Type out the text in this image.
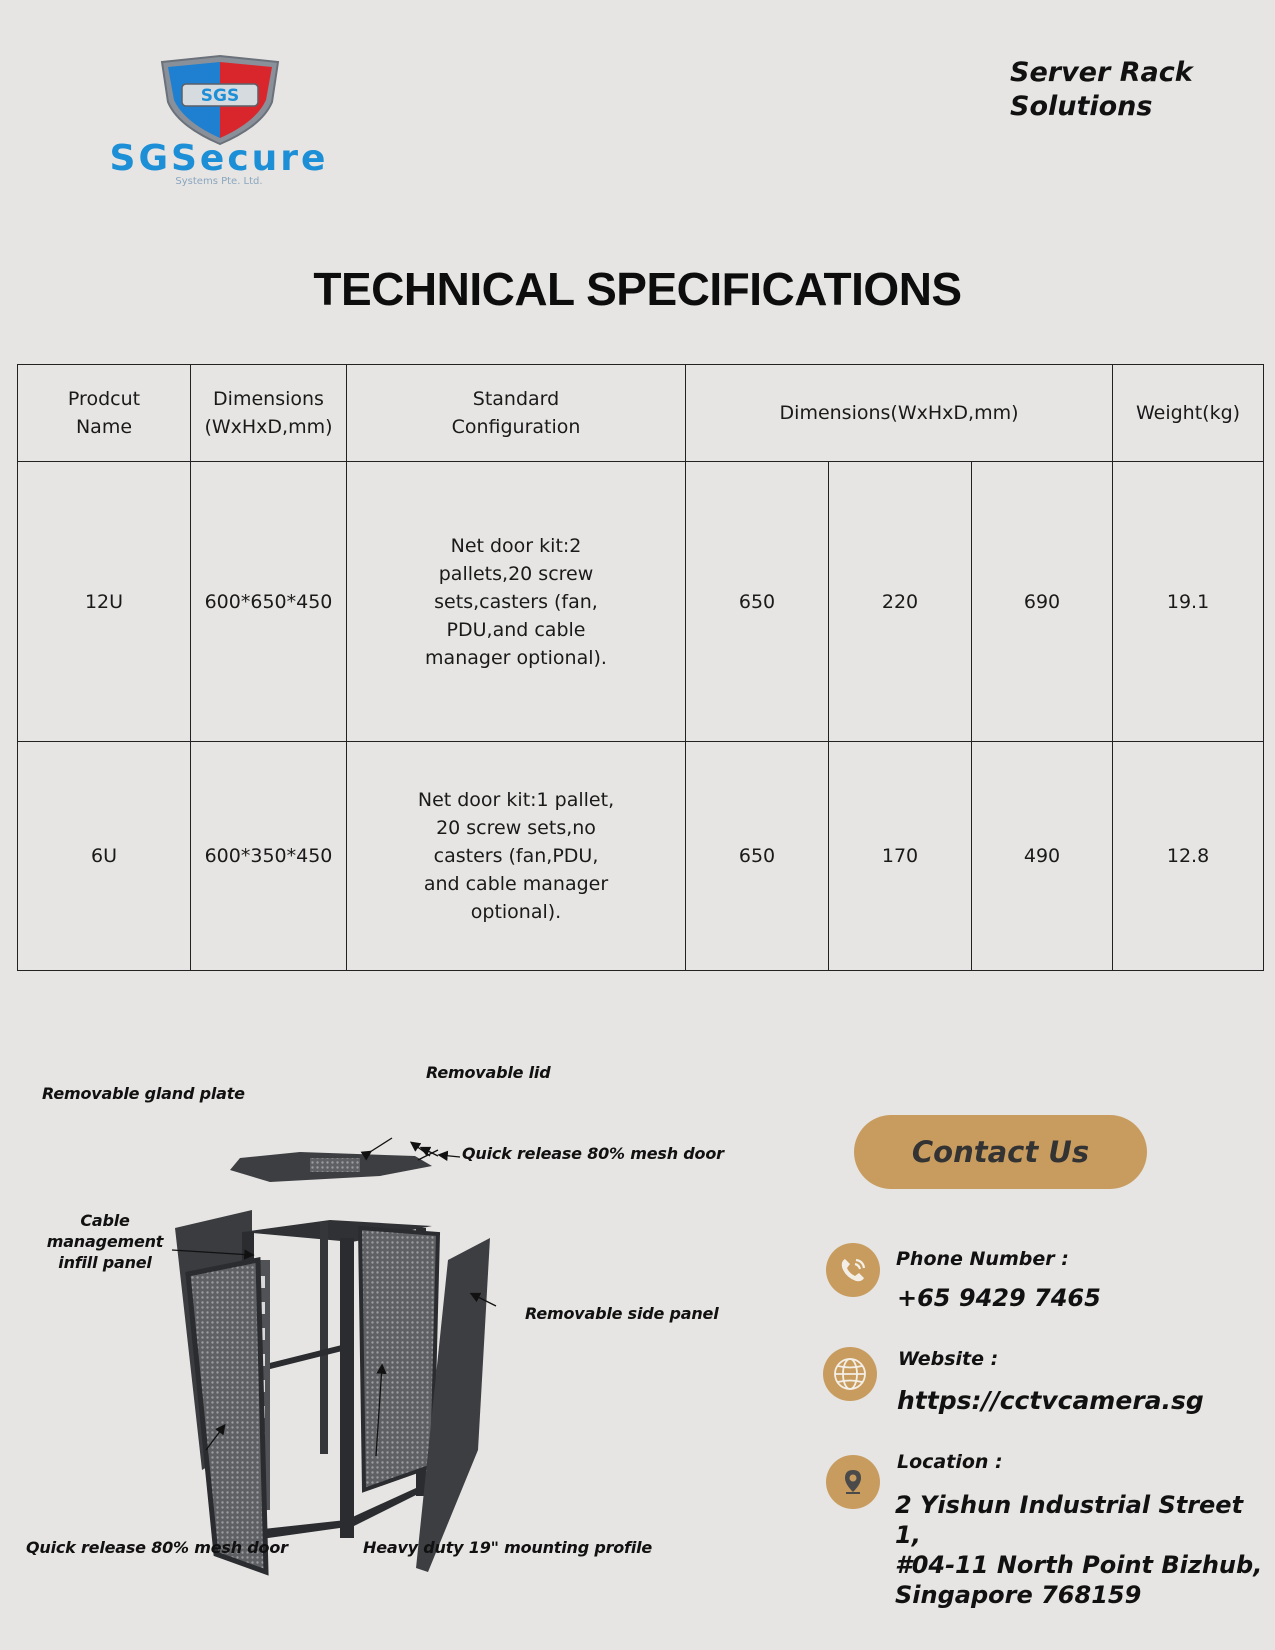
SGS
SGSecure
Systems Pte. Ltd.
Server Rack Solutions
TECHNICAL SPECIFICATIONS
Prodcut Name	Dimensions (WxHxD,mm)	Standard Configuration	Dimensions(WxHxD,mm)			Weight(kg)

12U	600*650*450	Net door kit:2 pallets,20 screw sets,casters (fan, PDU,and cable manager optional).	650	220	690	19.1
6U	600*350*450	Net door kit:1 pallet, 20 screw sets,no casters (fan,PDU, and cable manager optional).	650	170	490	12.8
Removable gland plate
Removable lid
Quick release 80% mesh door
Cable
management
infill panel
Removable side panel
Quick release 80% mesh door	Heavy duty 19" mounting profile
Contact Us
Phone Number :
+65 9429 7465
Website :
https://cctvcamera.sg
Location :
2 Yishun Industrial Street 1,
#04-11 North Point Bizhub,
Singapore 768159
